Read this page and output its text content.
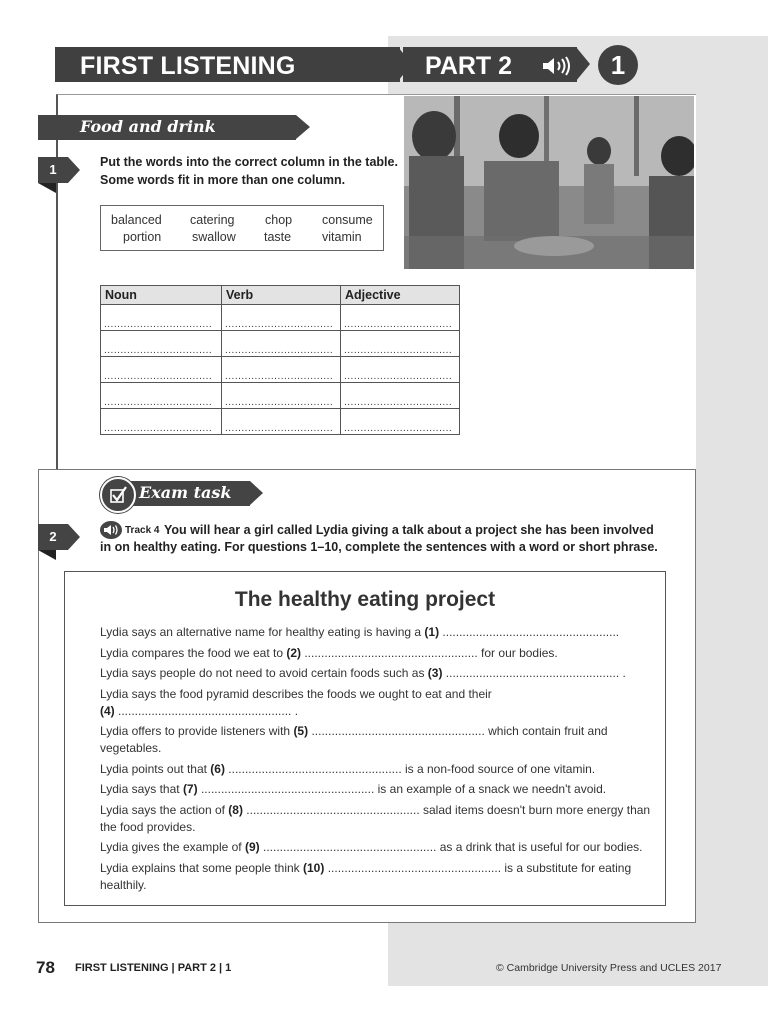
FIRST LISTENING	PART 2	1
Food and drink
1	Put the words into the correct column in the table.
Some words fit in more than one column.
balanced catering chop consume
portion swallow taste vitamin
Noun	Verb	Adjective
.................................	.................................	.................................
.................................	.................................	.................................
.................................	.................................	.................................
.................................	.................................	.................................
.................................	.................................	.................................
Exam task
2	Track 4 You will hear a girl called Lydia giving a talk about a project she has been involved
in on healthy eating. For questions 1–10, complete the sentences with a word or short phrase.
The healthy eating project
Lydia says an alternative name for healthy eating is having a (1) .....................................................
Lydia compares the food we eat to (2) .................................................... for our bodies.
Lydia says people do not need to avoid certain foods such as (3) .................................................... .
Lydia says the food pyramid describes the foods we ought to eat and their
(4) .................................................... .
Lydia offers to provide listeners with (5) .................................................... which contain fruit and vegetables.
Lydia points out that (6) .................................................... is a non-food source of one vitamin.
Lydia says that (7) .................................................... is an example of a snack we needn't avoid.
Lydia says the action of (8) .................................................... salad items doesn't burn more energy than the food provides.
Lydia gives the example of (9) .................................................... as a drink that is useful for our bodies.
Lydia explains that some people think (10) .................................................... is a substitute for eating healthily.
78 FIRST LISTENING | PART 2 | 1	© Cambridge University Press and UCLES 2017
